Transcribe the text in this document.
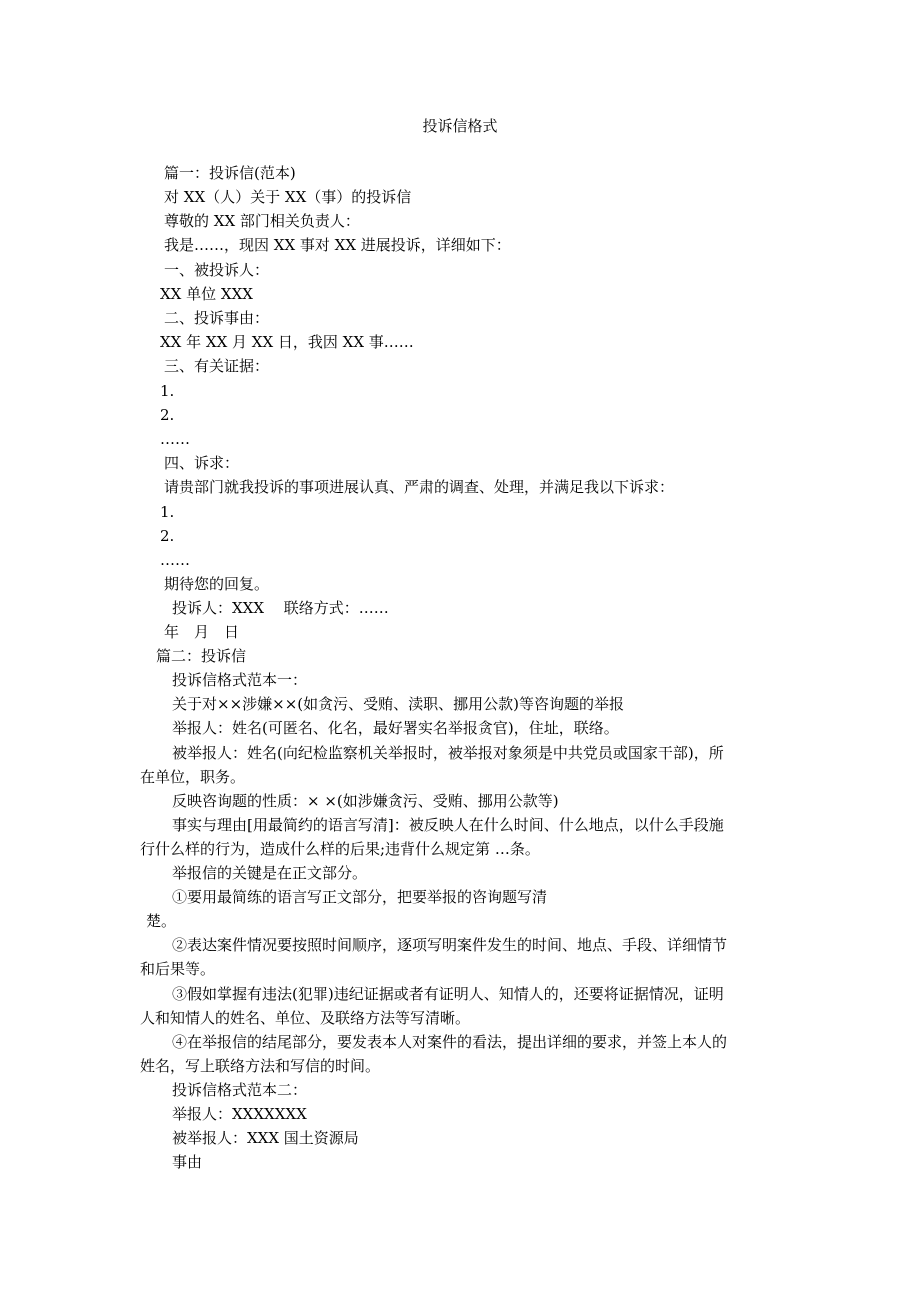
投诉信格式
篇一：投诉信(范本)
对 XX（人）关于 XX（事）的投诉信
尊敬的 XX 部门相关负责人：
我是……，现因 XX 事对 XX 进展投诉，详细如下：
一、被投诉人：
XX 单位 XXX
二、投诉事由：
XX 年 XX 月 XX 日，我因 XX 事……
三、有关证据：
1.
2.
……
四、诉求：
请贵部门就我投诉的事项进展认真、严肃的调查、处理，并满足我以下诉求：
1.
2.
……
期待您的回复。
投诉人：XXX　 联络方式：……
年　月　日
篇二：投诉信
投诉信格式范本一：
关于对××涉嫌××(如贪污、受贿、渎职、挪用公款)等咨询题的举报
举报人：姓名(可匿名、化名，最好署实名举报贪官)，住址，联络。
被举报人：姓名(向纪检监察机关举报时，被举报对象须是中共党员或国家干部)，所
在单位，职务。
反映咨询题的性质：× ×(如涉嫌贪污、受贿、挪用公款等)
事实与理由[用最简约的语言写清]：被反映人在什么时间、什么地点，以什么手段施
行什么样的行为，造成什么样的后果;违背什么规定第 …条。
举报信的关键是在正文部分。
①要用最简练的语言写正文部分，把要举报的咨询题写清
楚。
②表达案件情况要按照时间顺序，逐项写明案件发生的时间、地点、手段、详细情节
和后果等。
③假如掌握有违法(犯罪)违纪证据或者有证明人、知情人的，还要将证据情况，证明
人和知情人的姓名、单位、及联络方法等写清晰。
④在举报信的结尾部分，要发表本人对案件的看法，提出详细的要求，并签上本人的
姓名，写上联络方法和写信的时间。
投诉信格式范本二：
举报人：XXXXXXX
被举报人：XXX 国土资源局
事由
